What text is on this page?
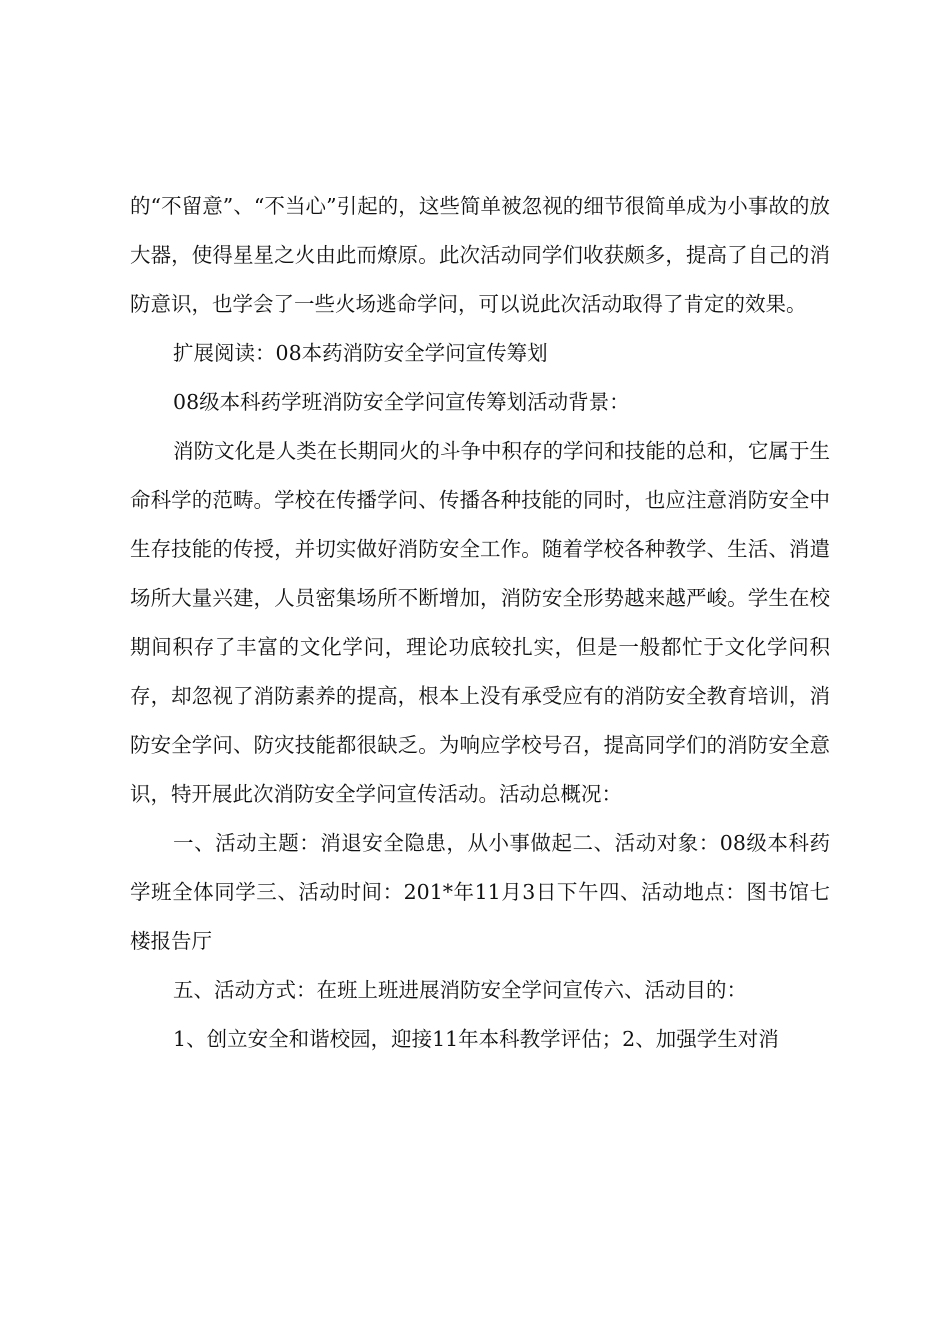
的“不留意”、“不当心”引起的，这些简单被忽视的细节很简单成为小事故的放大器，使得星星之火由此而燎原。此次活动同学们收获颇多，提高了自己的消防意识，也学会了一些火场逃命学问，可以说此次活动取得了肯定的效果。

扩展阅读：08本药消防安全学问宣传筹划

08级本科药学班消防安全学问宣传筹划活动背景：

消防文化是人类在长期同火的斗争中积存的学问和技能的总和，它属于生命科学的范畴。学校在传播学问、传播各种技能的同时，也应注意消防安全中生存技能的传授，并切实做好消防安全工作。随着学校各种教学、生活、消遣场所大量兴建，人员密集场所不断增加，消防安全形势越来越严峻。学生在校期间积存了丰富的文化学问，理论功底较扎实，但是一般都忙于文化学问积存，却忽视了消防素养的提高，根本上没有承受应有的消防安全教育培训，消防安全学问、防灾技能都很缺乏。为响应学校号召，提高同学们的消防安全意识，特开展此次消防安全学问宣传活动。活动总概况：

一、活动主题：消退安全隐患，从小事做起二、活动对象：08级本科药学班全体同学三、活动时间：201*年11月3日下午四、活动地点：图书馆七楼报告厅

五、活动方式：在班上班进展消防安全学问宣传六、活动目的：

1、创立安全和谐校园，迎接11年本科教学评估；2、加强学生对消
